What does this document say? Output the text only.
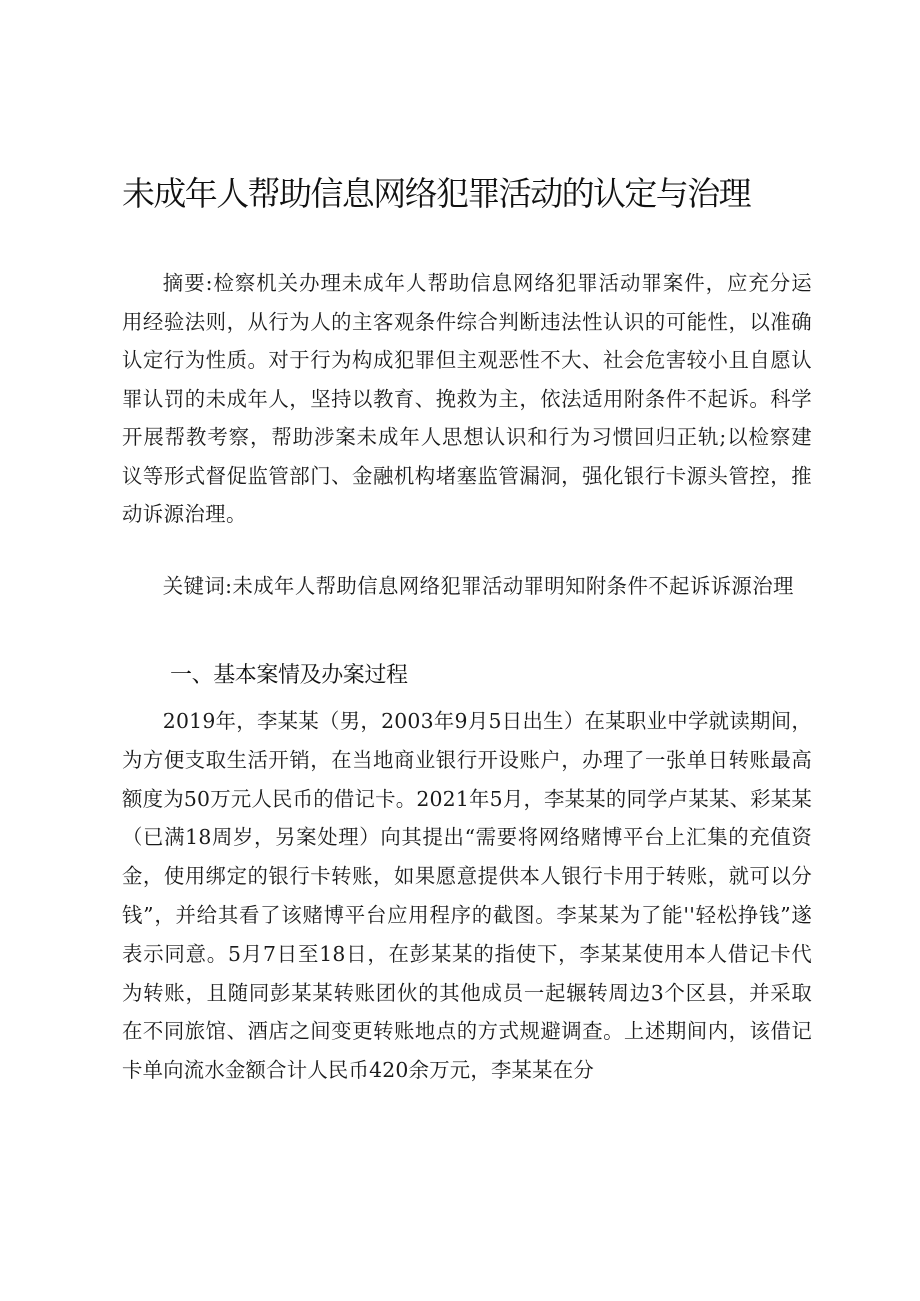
未成年人帮助信息网络犯罪活动的认定与治理

摘要:检察机关办理未成年人帮助信息网络犯罪活动罪案件，应充分运用经验法则，从行为人的主客观条件综合判断违法性认识的可能性，以准确认定行为性质。对于行为构成犯罪但主观恶性不大、社会危害较小且自愿认罪认罚的未成年人，坚持以教育、挽救为主，依法适用附条件不起诉。科学开展帮教考察，帮助涉案未成年人思想认识和行为习惯回归正轨;以检察建议等形式督促监管部门、金融机构堵塞监管漏洞，强化银行卡源头管控，推动诉源治理。

关键词:未成年人帮助信息网络犯罪活动罪明知附条件不起诉诉源治理

一、基本案情及办案过程

2019年，李某某（男，2003年9月5日出生）在某职业中学就读期间，为方便支取生活开销，在当地商业银行开设账户，办理了一张单日转账最高额度为50万元人民币的借记卡。2021年5月，李某某的同学卢某某、彩某某（已满18周岁，另案处理）向其提出“需要将网络赌博平台上汇集的充值资金，使用绑定的银行卡转账，如果愿意提供本人银行卡用于转账，就可以分钱”，并给其看了该赌博平台应用程序的截图。李某某为了能''轻松挣钱”遂表示同意。5月7日至18日，在彭某某的指使下，李某某使用本人借记卡代为转账，且随同彭某某转账团伙的其他成员一起辗转周边3个区县，并采取在不同旅馆、酒店之间变更转账地点的方式规避调查。上述期间内，该借记卡单向流水金额合计人民币420余万元，李某某在分
